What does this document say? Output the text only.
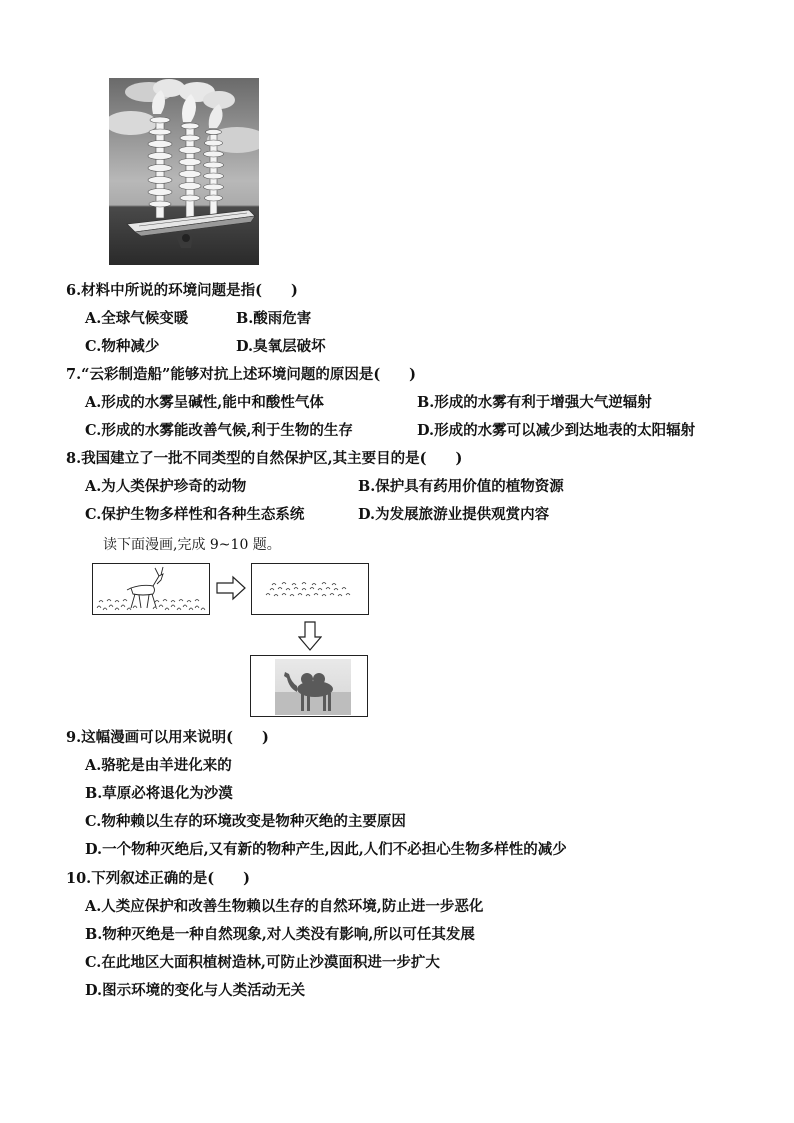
6.材料中所说的环境问题是指(　　)
A.全球气候变暖	B.酸雨危害
C.物种减少	D.臭氧层破坏
7.“云彩制造船”能够对抗上述环境问题的原因是(　　)
A.形成的水雾呈碱性,能中和酸性气体	B.形成的水雾有利于增强大气逆辐射
C.形成的水雾能改善气候,利于生物的生存	D.形成的水雾可以减少到达地表的太阳辐射
8.我国建立了一批不同类型的自然保护区,其主要目的是(　　)
A.为人类保护珍奇的动物	B.保护具有药用价值的植物资源
C.保护生物多样性和各种生态系统	D.为发展旅游业提供观赏内容
读下面漫画,完成 9~10 题。
9.这幅漫画可以用来说明(　　)
A.骆驼是由羊进化来的
B.草原必将退化为沙漠
C.物种赖以生存的环境改变是物种灭绝的主要原因
D.一个物种灭绝后,又有新的物种产生,因此,人们不必担心生物多样性的减少
10.下列叙述正确的是(　　)
A.人类应保护和改善生物赖以生存的自然环境,防止进一步恶化
B.物种灭绝是一种自然现象,对人类没有影响,所以可任其发展
C.在此地区大面积植树造林,可防止沙漠面积进一步扩大
D.图示环境的变化与人类活动无关
